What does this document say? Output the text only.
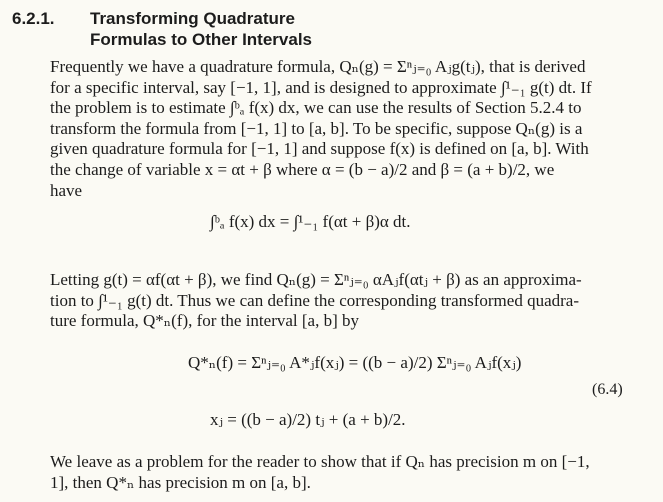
6.2.1. Transforming Quadrature
Formulas to Other Intervals
Frequently we have a quadrature formula, Qₙ(g) = Σⁿⱼ₌₀ Aⱼg(tⱼ), that is derived
for a specific interval, say [−1, 1], and is designed to approximate ∫¹₋₁ g(t) dt. If
the problem is to estimate ∫ᵇₐ f(x) dx, we can use the results of Section 5.2.4 to
transform the formula from [−1, 1] to [a, b]. To be specific, suppose Qₙ(g) is a
given quadrature formula for [−1, 1] and suppose f(x) is defined on [a, b]. With
the change of variable x = αt + β where α = (b − a)/2 and β = (a + b)/2, we
have
∫ᵇₐ f(x) dx = ∫¹₋₁ f(αt + β)α dt.
Letting g(t) = αf(αt + β), we find Qₙ(g) = Σⁿⱼ₌₀ αAⱼf(αtⱼ + β) as an approxima-
tion to ∫¹₋₁ g(t) dt. Thus we can define the corresponding transformed quadra-
ture formula, Q*ₙ(f), for the interval [a, b] by
Q*ₙ(f) = Σⁿⱼ₌₀ A*ⱼf(xⱼ) = ((b − a)/2) Σⁿⱼ₌₀ Aⱼf(xⱼ)
xⱼ = ((b − a)/2) tⱼ + (a + b)/2.
(6.4)
We leave as a problem for the reader to show that if Qₙ has precision m on [−1,
1], then Q*ₙ has precision m on [a, b].
